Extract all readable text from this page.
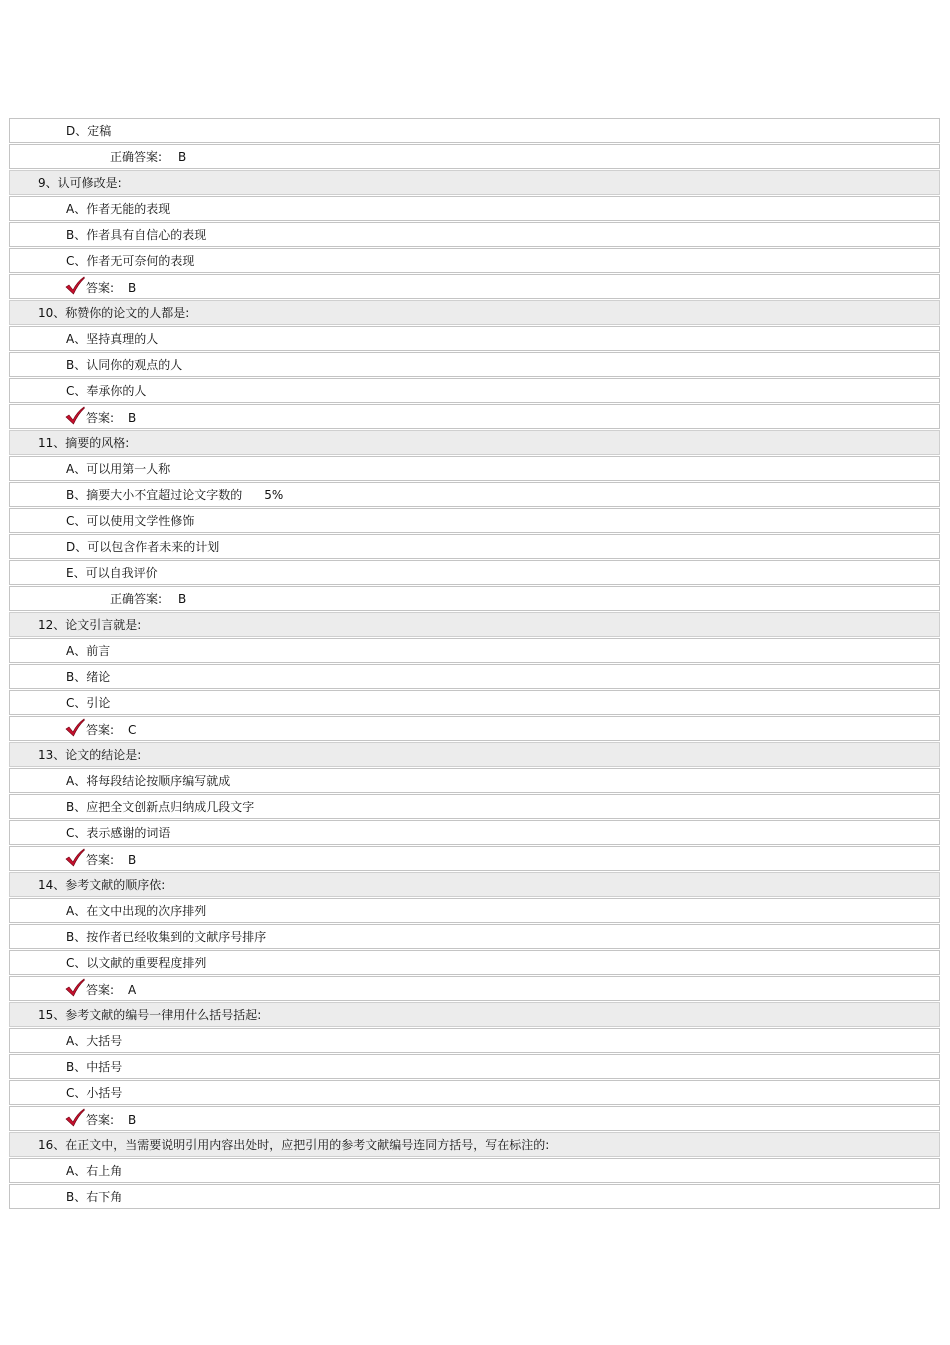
D、定稿
正确答案: B
9、认可修改是:
A、作者无能的表现
B、作者具有自信心的表现
C、作者无可奈何的表现
答案: B
10、称赞你的论文的人都是:
A、坚持真理的人
B、认同你的观点的人
C、奉承你的人
答案: B
11、摘要的风格:
A、可以用第一人称
B、摘要大小不宜超过论文字数的 5%
C、可以使用文学性修饰
D、可以包含作者未来的计划
E、可以自我评价
正确答案: B
12、论文引言就是:
A、前言
B、绪论
C、引论
答案: C
13、论文的结论是:
A、将每段结论按顺序编写就成
B、应把全文创新点归纳成几段文字
C、表示感谢的词语
答案: B
14、参考文献的顺序依:
A、在文中出现的次序排列
B、按作者已经收集到的文献序号排序
C、以文献的重要程度排列
答案: A
15、参考文献的编号一律用什么括号括起:
A、大括号
B、中括号
C、小括号
答案: B
16、在正文中，当需要说明引用内容出处时，应把引用的参考文献编号连同方括号，写在标注的:
A、右上角
B、右下角
